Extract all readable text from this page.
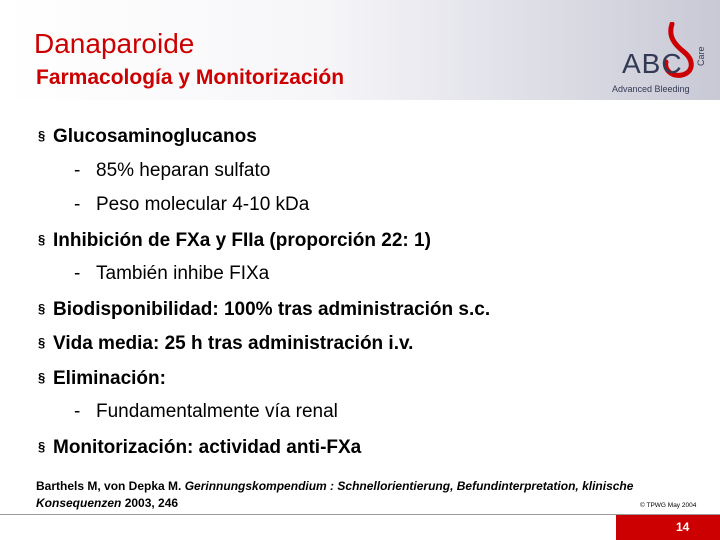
Danaparoide
Farmacología y Monitorización	ABC Care
Advanced Bleeding
§ Glucosaminoglucanos
- 85% heparan sulfato
- Peso molecular 4-10 kDa
§ Inhibición de FXa y FIIa (proporción 22: 1)
- También inhibe FIXa
§ Biodisponibilidad: 100% tras administración s.c.
§ Vida media: 25 h tras administración i.v.
§ Eliminación:
- Fundamentalmente vía renal
§ Monitorización: actividad anti-FXa
Barthels M, von Depka M. Gerinnungskompendium : Schnellorientierung, Befundinterpretation, klinische Konsequenzen 2003, 246	© TPWG May 2004
14
